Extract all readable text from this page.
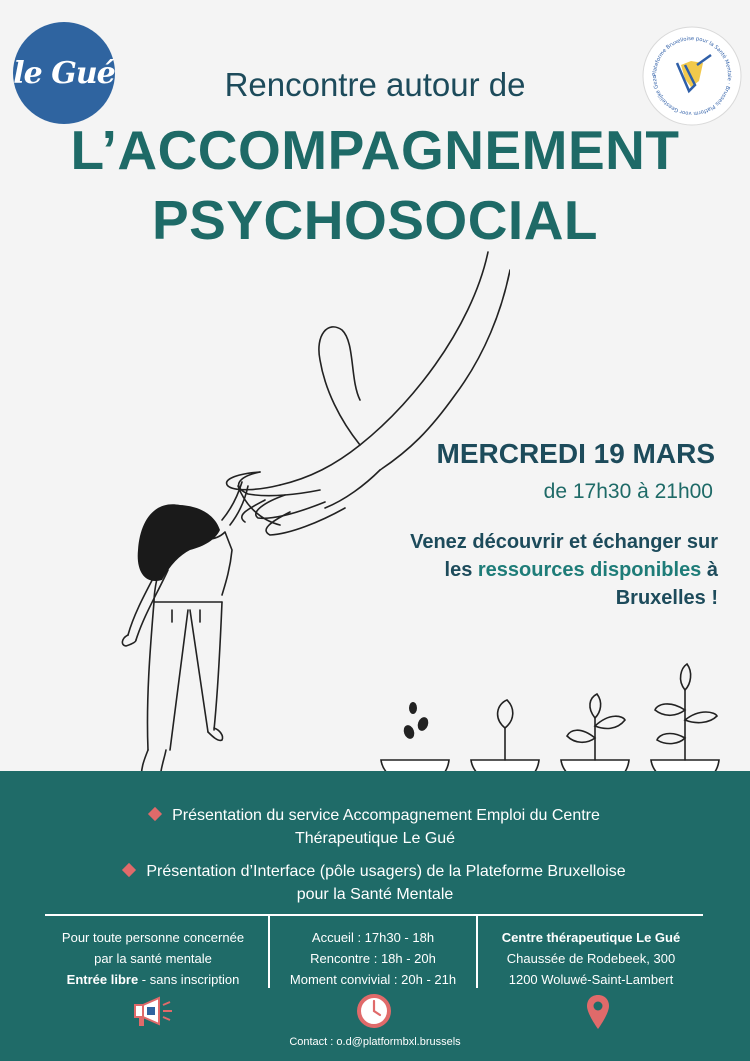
le Gué	Plateforme Bruxelloise pour la Santé Mentale · Brussels Platform voor Geestelijke Gezo
Rencontre autour de
L’ACCOMPAGNEMENT
PSYCHOSOCIAL
MERCREDI 19 MARS
de 17h30 à 21h00
Venez découvrir et échanger sur
les ressources disponibles à
Bruxelles !
Présentation du service Accompagnement Emploi du Centre
Thérapeutique Le Gué
Présentation d’Interface (pôle usagers) de la Plateforme Bruxelloise
pour la Santé Mentale
Pour toute personne concernée
par la santé mentale
Entrée libre - sans inscription
Accueil : 17h30 - 18h
Rencontre : 18h - 20h
Moment convivial : 20h - 21h
Centre thérapeutique Le Gué
Chaussée de Rodebeek, 300
1200 Woluwé-Saint-Lambert
Contact : o.d@platformbxl.brussels
